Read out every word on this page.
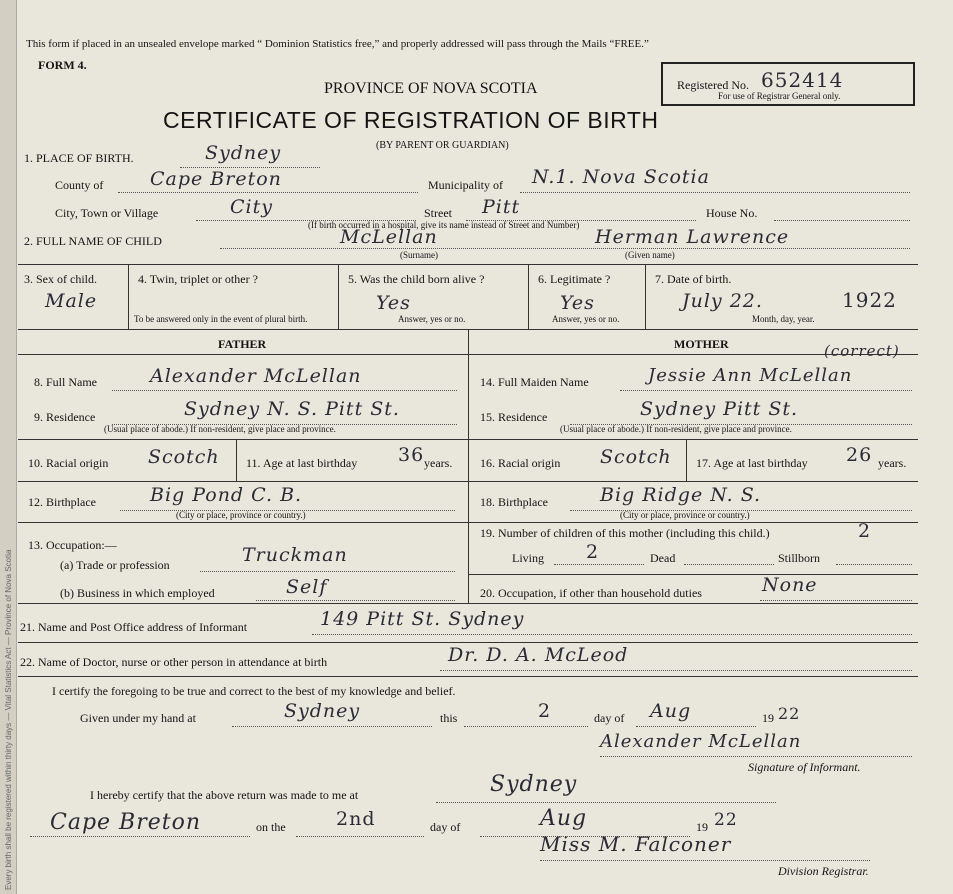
Every birth shall be registered within thirty days — Vital Statistics Act — Province of Nova Scotia
This form if placed in an unsealed envelope marked “ Dominion Statistics free,” and properly addressed will pass through the Mails “FREE.”
FORM 4.
PROVINCE OF NOVA SCOTIA
CERTIFICATE OF REGISTRATION OF BIRTH
(BY PARENT OR GUARDIAN)
Registered No. 652414
For use of Registrar General only.
1. PLACE OF BIRTH.	Sydney
County of Cape Breton	Municipality of N.1. Nova Scotia
City, Town or Village	City	Street Pitt	House No.
(If birth occurred in a hospital, give its name instead of Street and Number)
2. FULL NAME OF CHILD	McLellan	Herman Lawrence
(Surname)	(Given name)
3. Sex of child.
Male
4. Twin, triplet or other ?
To be answered only in the event of plural birth.
5. Was the child born alive ?
Yes
Answer, yes or no.
6. Legitimate ?
Yes
Answer, yes or no.
7. Date of birth.
July 22.	1922
Month, day, year.
FATHER	MOTHER
8. Full Name	Alexander McLellan	14. Full Maiden Name	Jessie Ann McLellan
(correct)
9. Residence	Sydney N. S. Pitt St.
(Usual place of abode.) If non-resident, give place and province.
15. Residence	Sydney Pitt St.
(Usual place of abode.) If non-resident, give place and province.
10. Racial origin Scotch 11. Age at last birthday 36 years. 16. Racial origin Scotch 17. Age at last birthday 26 years.
12. Birthplace	Big Pond C. B.
(City or place, province or country.)
18. Birthplace	Big Ridge N. S.
(City or place, province or country.)
13. Occupation:—
(a) Trade or profession	Truckman
(b) Business in which employed	Self
19. Number of children of this mother (including this child.)	2
Living 2	Dead	Stillborn
20. Occupation, if other than household duties	None
21. Name and Post Office address of Informant	149 Pitt St. Sydney
22. Name of Doctor, nurse or other person in attendance at birth	Dr. D. A. McLeod
I certify the foregoing to be true and correct to the best of my knowledge and belief.
Given under my hand at	Sydney	this	2	day of Aug	19 22
Alexander McLellan
Signature of Informant.
I hereby certify that the above return was made to me at	Sydney
Cape Breton	on the	2nd	day of	Aug	19 22
Miss M. Falconer
Division Registrar.
